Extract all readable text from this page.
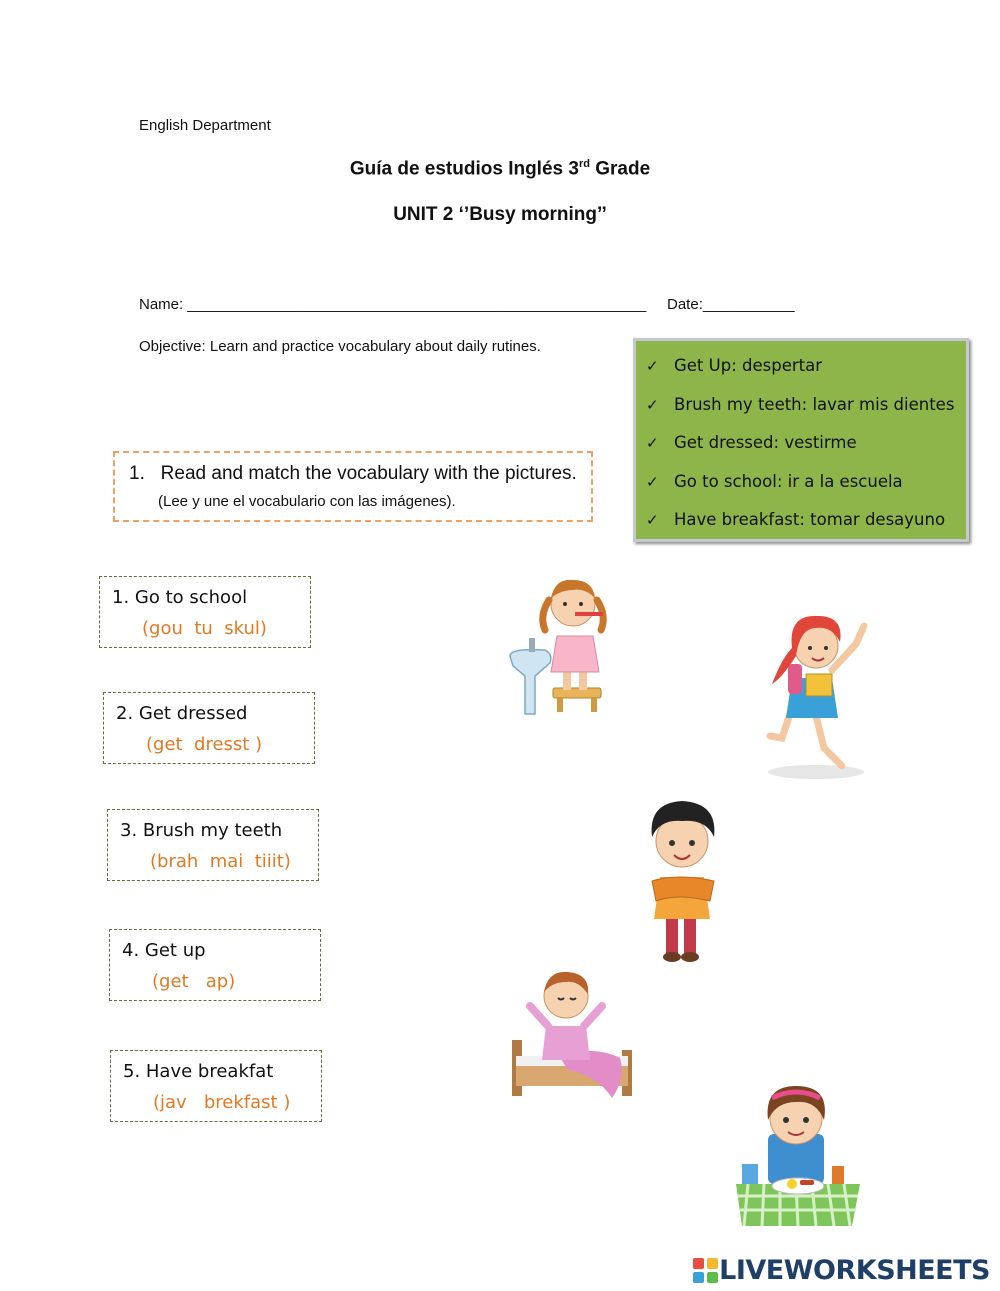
English Department
Guía de estudios Inglés 3rd Grade
UNIT 2 ‘’Busy morning’’
Name: _______________________________________________________     Date:___________
Objective: Learn and practice vocabulary about daily rutines.
✓ Get Up: despertar
✓ Brush my teeth: lavar mis dientes
✓ Get dressed: vestirme
✓ Go to school: ir a la escuela
✓ Have breakfast: tomar desayuno
1.   Read and match the vocabulary with the pictures.
(Lee y une el vocabulario con las imágenes).
1. Go to school
(gou  tu  skul)
2. Get dressed
(get  dresst )
3. Brush my teeth
(brah  mai  tiiit)
4. Get up
(get   ap)
5. Have breakfat
(jav   brekfast )
LIVEWORKSHEETS
